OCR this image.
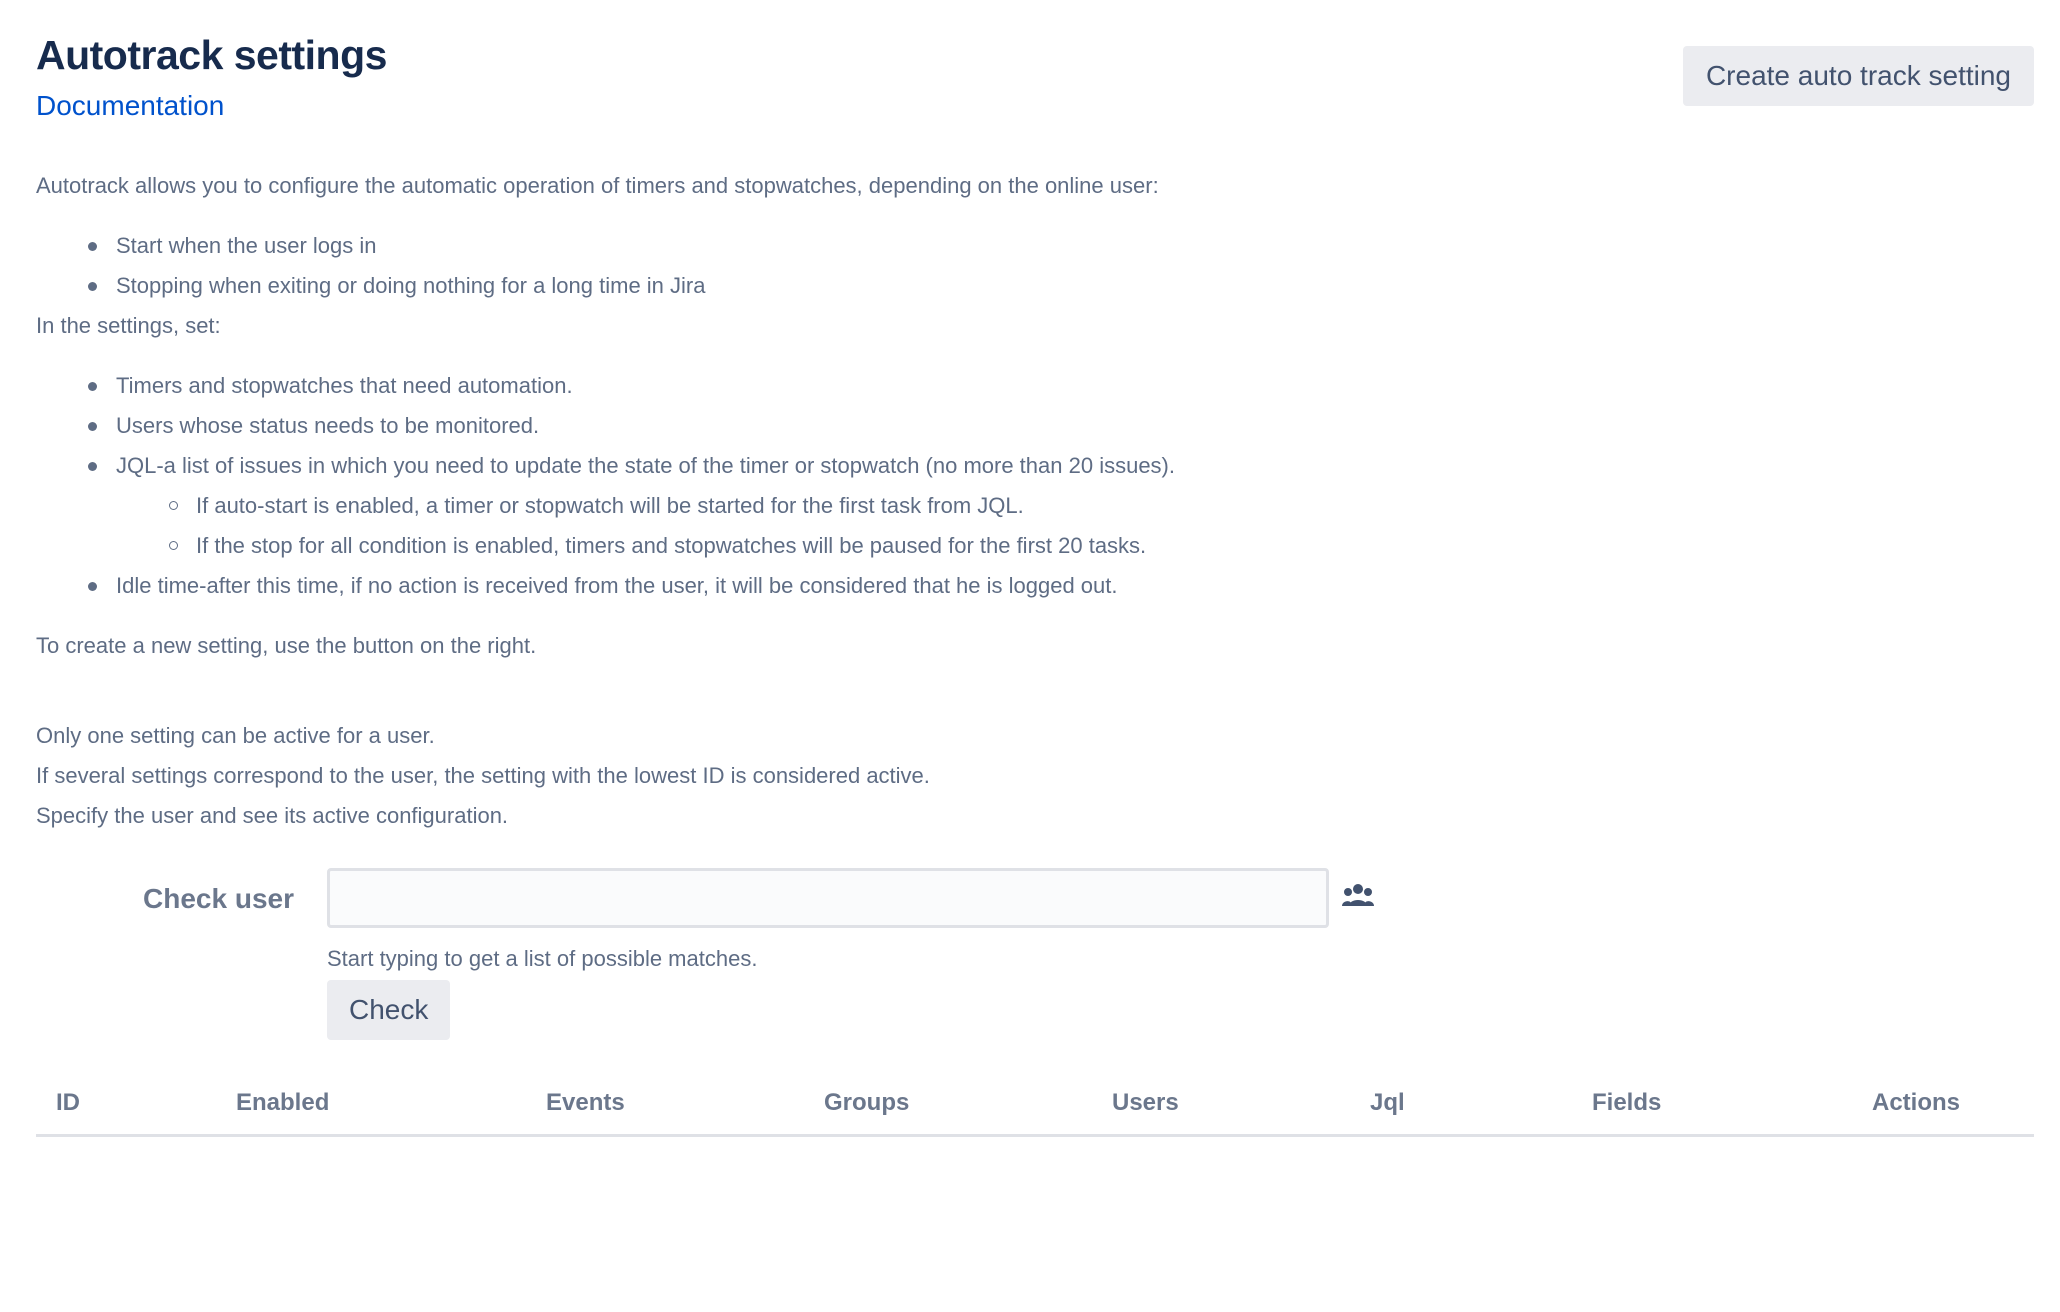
Autotrack settings
Documentation
Create auto track setting

Autotrack allows you to configure the automatic operation of timers and stopwatches, depending on the online user:

Start when the user logs in
Stopping when exiting or doing nothing for a long time in Jira

In the settings, set:

Timers and stopwatches that need automation.
Users whose status needs to be monitored.
JQL-a list of issues in which you need to update the state of the timer or stopwatch (no more than 20 issues).
If auto-start is enabled, a timer or stopwatch will be started for the first task from JQL.
If the stop for all condition is enabled, timers and stopwatches will be paused for the first 20 tasks.
Idle time-after this time, if no action is received from the user, it will be considered that he is logged out.

To create a new setting, use the button on the right.

Only one setting can be active for a user.

If several settings correspond to the user, the setting with the lowest ID is considered active.

Specify the user and see its active configuration.

Check user
Start typing to get a list of possible matches.
Check
ID	Enabled	Events	Groups	Users	Jql	Fields	Actions
